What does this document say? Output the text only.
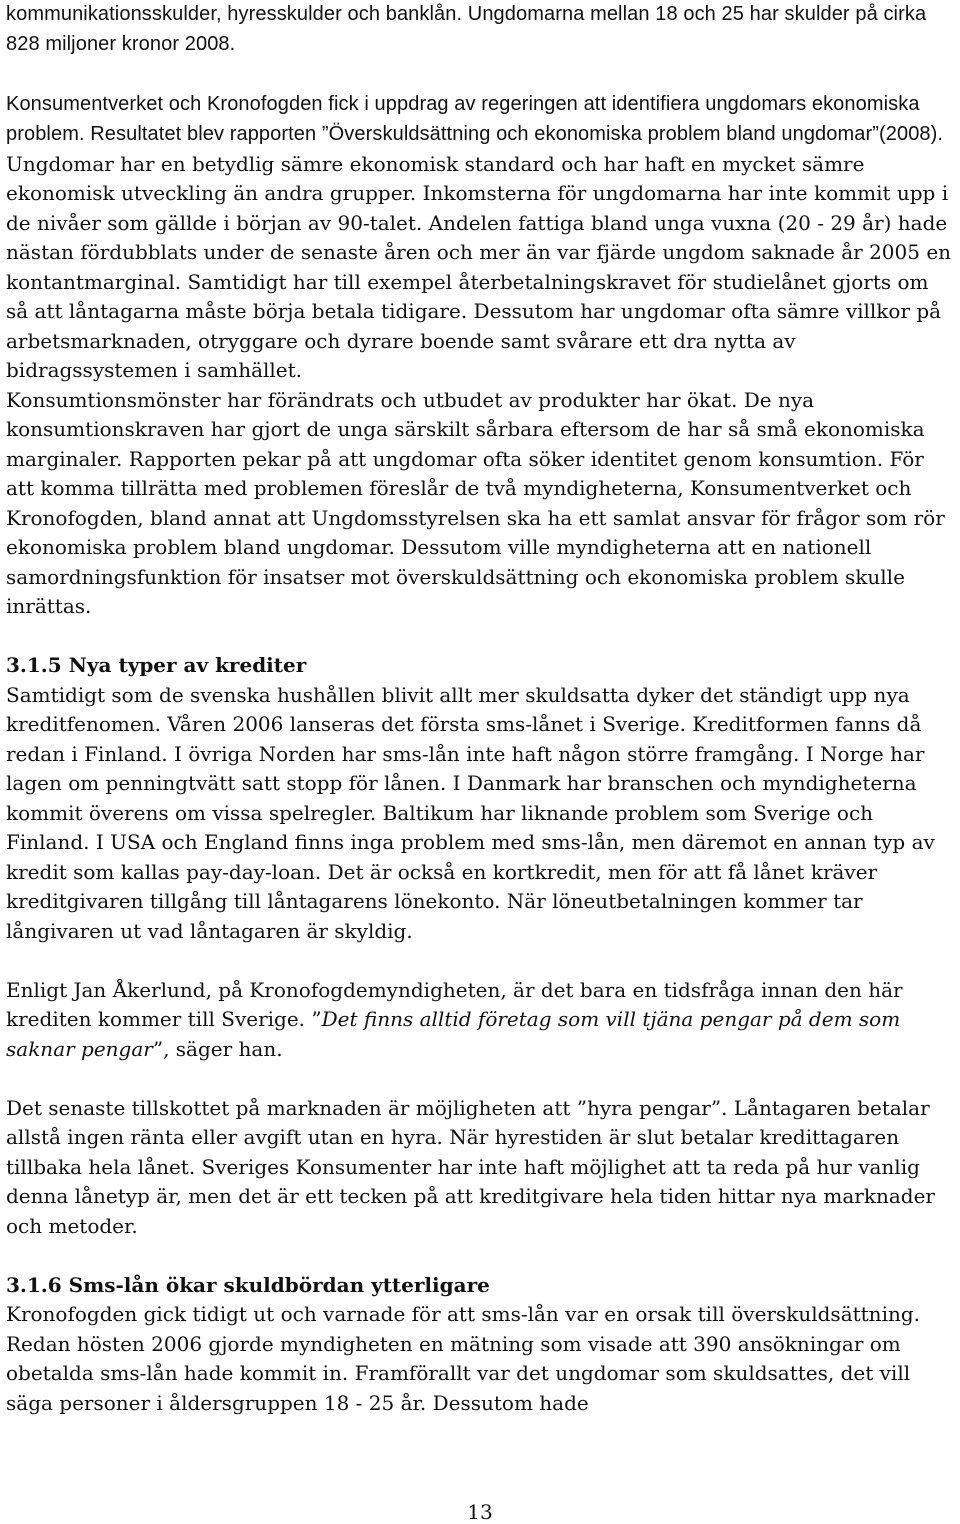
kommunikationsskulder, hyresskulder och banklån. Ungdomarna mellan 18 och 25 har skulder på cirka 828 miljoner kronor 2008.

Konsumentverket och Kronofogden fick i uppdrag av regeringen att identifiera ungdomars ekonomiska problem. Resultatet blev rapporten ”Överskuldsättning och ekonomiska problem bland ungdomar”(2008). Ungdomar har en betydlig sämre ekonomisk standard och har haft en mycket sämre ekonomisk utveckling än andra grupper. Inkomsterna för ungdomarna har inte kommit upp i de nivåer som gällde i början av 90-talet. Andelen fattiga bland unga vuxna (20 - 29 år) hade nästan fördubblats under de senaste åren och mer än var fjärde ungdom saknade år 2005 en kontantmarginal. Samtidigt har till exempel återbetalningskravet för studielånet gjorts om så att låntagarna måste börja betala tidigare. Dessutom har ungdomar ofta sämre villkor på arbetsmarknaden, otryggare och dyrare boende samt svårare ett dra nytta av bidragssystemen i samhället.

Konsumtionsmönster har förändrats och utbudet av produkter har ökat. De nya konsumtionskraven har gjort de unga särskilt sårbara eftersom de har så små ekonomiska marginaler. Rapporten pekar på att ungdomar ofta söker identitet genom konsumtion. För att komma tillrätta med problemen föreslår de två myndigheterna, Konsumentverket och Kronofogden, bland annat att Ungdomsstyrelsen ska ha ett samlat ansvar för frågor som rör ekonomiska problem bland ungdomar. Dessutom ville myndigheterna att en nationell samordningsfunktion för insatser mot överskuldsättning och ekonomiska problem skulle inrättas.

3.1.5 Nya typer av krediter

Samtidigt som de svenska hushållen blivit allt mer skuldsatta dyker det ständigt upp nya kreditfenomen. Våren 2006 lanseras det första sms-lånet i Sverige. Kreditformen fanns då redan i Finland. I övriga Norden har sms-lån inte haft någon större framgång. I Norge har lagen om penningtvätt satt stopp för lånen. I Danmark har branschen och myndigheterna kommit överens om vissa spelregler. Baltikum har liknande problem som Sverige och Finland. I USA och England finns inga problem med sms-lån, men däremot en annan typ av kredit som kallas pay-day-loan. Det är också en kortkredit, men för att få lånet kräver kreditgivaren tillgång till låntagarens lönekonto. När löneutbetalningen kommer tar långivaren ut vad låntagaren är skyldig.

Enligt Jan Åkerlund, på Kronofogdemyndigheten, är det bara en tidsfråga innan den här krediten kommer till Sverige. ”Det finns alltid företag som vill tjäna pengar på dem som saknar pengar”, säger han.

Det senaste tillskottet på marknaden är möjligheten att ”hyra pengar”. Låntagaren betalar allstå ingen ränta eller avgift utan en hyra. När hyrestiden är slut betalar kredittagaren tillbaka hela lånet. Sveriges Konsumenter har inte haft möjlighet att ta reda på hur vanlig denna lånetyp är, men det är ett tecken på att kreditgivare hela tiden hittar nya marknader och metoder.

3.1.6 Sms-lån ökar skuldbördan ytterligare

Kronofogden gick tidigt ut och varnade för att sms-lån var en orsak till överskuldsättning. Redan hösten 2006 gjorde myndigheten en mätning som visade att 390 ansökningar om obetalda sms-lån hade kommit in. Framförallt var det ungdomar som skuldsattes, det vill säga personer i åldersgruppen 18 - 25 år. Dessutom hade

13
